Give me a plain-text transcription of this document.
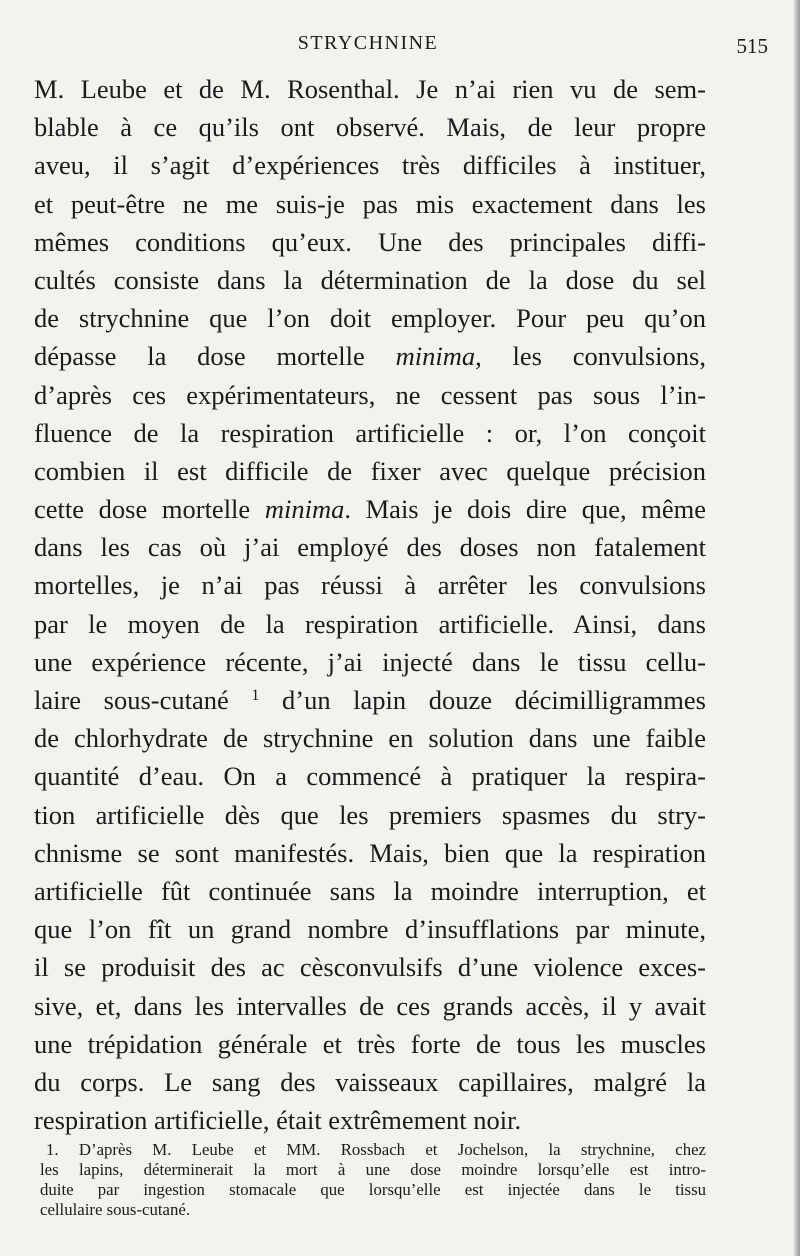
STRYCHNINE	515
M. Leube et de M. Rosenthal. Je n’ai rien vu de sem-
blable à ce qu’ils ont observé. Mais, de leur propre
aveu, il s’agit d’expériences très difficiles à instituer,
et peut-être ne me suis-je pas mis exactement dans les
mêmes conditions qu’eux. Une des principales diffi-
cultés consiste dans la détermination de la dose du sel
de strychnine que l’on doit employer. Pour peu qu’on
dépasse la dose mortelle minima, les convulsions,
d’après ces expérimentateurs, ne cessent pas sous l’in-
fluence de la respiration artificielle : or, l’on conçoit
combien il est difficile de fixer avec quelque précision
cette dose mortelle minima. Mais je dois dire que, même
dans les cas où j’ai employé des doses non fatalement
mortelles, je n’ai pas réussi à arrêter les convulsions
par le moyen de la respiration artificielle. Ainsi, dans
une expérience récente, j’ai injecté dans le tissu cellu-
laire sous-cutané $^1$ d’un lapin douze décimilligrammes
de chlorhydrate de strychnine en solution dans une faible
quantité d’eau. On a commencé à pratiquer la respira-
tion artificielle dès que les premiers spasmes du stry-
chnisme se sont manifestés. Mais, bien que la respiration
artificielle fût continuée sans la moindre interruption, et
que l’on fît un grand nombre d’insufflations par minute,
il se produisit des ac cèsconvulsifs d’une violence exces-
sive, et, dans les intervalles de ces grands accès, il y avait
une trépidation générale et très forte de tous les muscles
du corps. Le sang des vaisseaux capillaires, malgré la
respiration artificielle, était extrêmement noir.
1. D’après M. Leube et MM. Rossbach et Jochelson, la strychnine, chez
les lapins, déterminerait la mort à une dose moindre lorsqu’elle est intro-
duite par ingestion stomacale que lorsqu’elle est injectée dans le tissu
cellulaire sous-cutané.
